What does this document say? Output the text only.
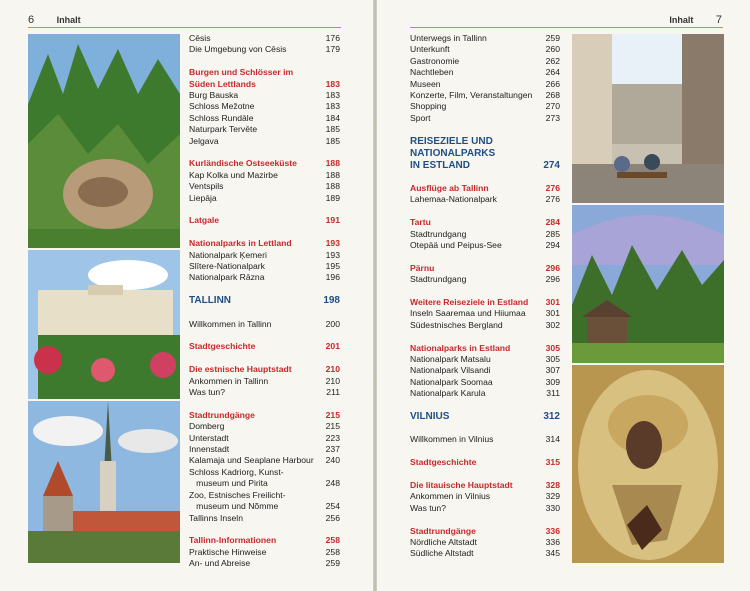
6	Inhalt
Cēsis	176
Die Umgebung von Cēsis	179
Burgen und Schlösser im
Süden Lettlands	183
Burg Bauska	183
Schloss Mežotne	183
Schloss Rundāle	184
Naturpark Tervēte	185
Jelgava	185
Kurländische Ostseeküste	188
Kap Kolka und Mazirbe	188
Ventspils	188
Liepāja	189
Latgale	191
Nationalparks in Lettland	193
Nationalpark Ķemeri	193
Slītere-Nationalpark	195
Nationalpark Rāzna	196
TALLINN	198
Willkommen in Tallinn	200
Stadtgeschichte	201
Die estnische Hauptstadt	210
Ankommen in Tallinn	210
Was tun?	211
Stadtrundgänge	215
Domberg	215
Unterstadt	223
Innenstadt	237
Kalamaja und Seaplane Harbour	240
Schloss Kadriorg, Kunst-
museum und Pirita	248
Zoo, Estnisches Freilicht-
museum und Nõmme	254
Tallinns Inseln	256
Tallinn-Informationen	258
Praktische Hinweise	258
An- und Abreise	259
Inhalt 7
Unterwegs in Tallinn	259
Unterkunft	260
Gastronomie	262
Nachtleben	264
Museen	266
Konzerte, Film, Veranstaltungen	268
Shopping	270
Sport	273
REISEZIELE UND
NATIONALPARKS
IN ESTLAND	274
Ausflüge ab Tallinn	276
Lahemaa-Nationalpark	276
Tartu	284
Stadtrundgang	285
Otepää und Peipus-See	294
Pärnu	296
Stadtrundgang	296
Weitere Reiseziele in Estland	301
Inseln Saaremaa und Hiiumaa	301
Südestnisches Bergland	302
Nationalparks in Estland	305
Nationalpark Matsalu	305
Nationalpark Vilsandi	307
Nationalpark Soomaa	309
Nationalpark Karula	311
VILNIUS	312
Willkommen in Vilnius	314
Stadtgeschichte	315
Die litauische Hauptstadt	328
Ankommen in Vilnius	329
Was tun?	330
Stadtrundgänge	336
Nördliche Altstadt	336
Südliche Altstadt	345
